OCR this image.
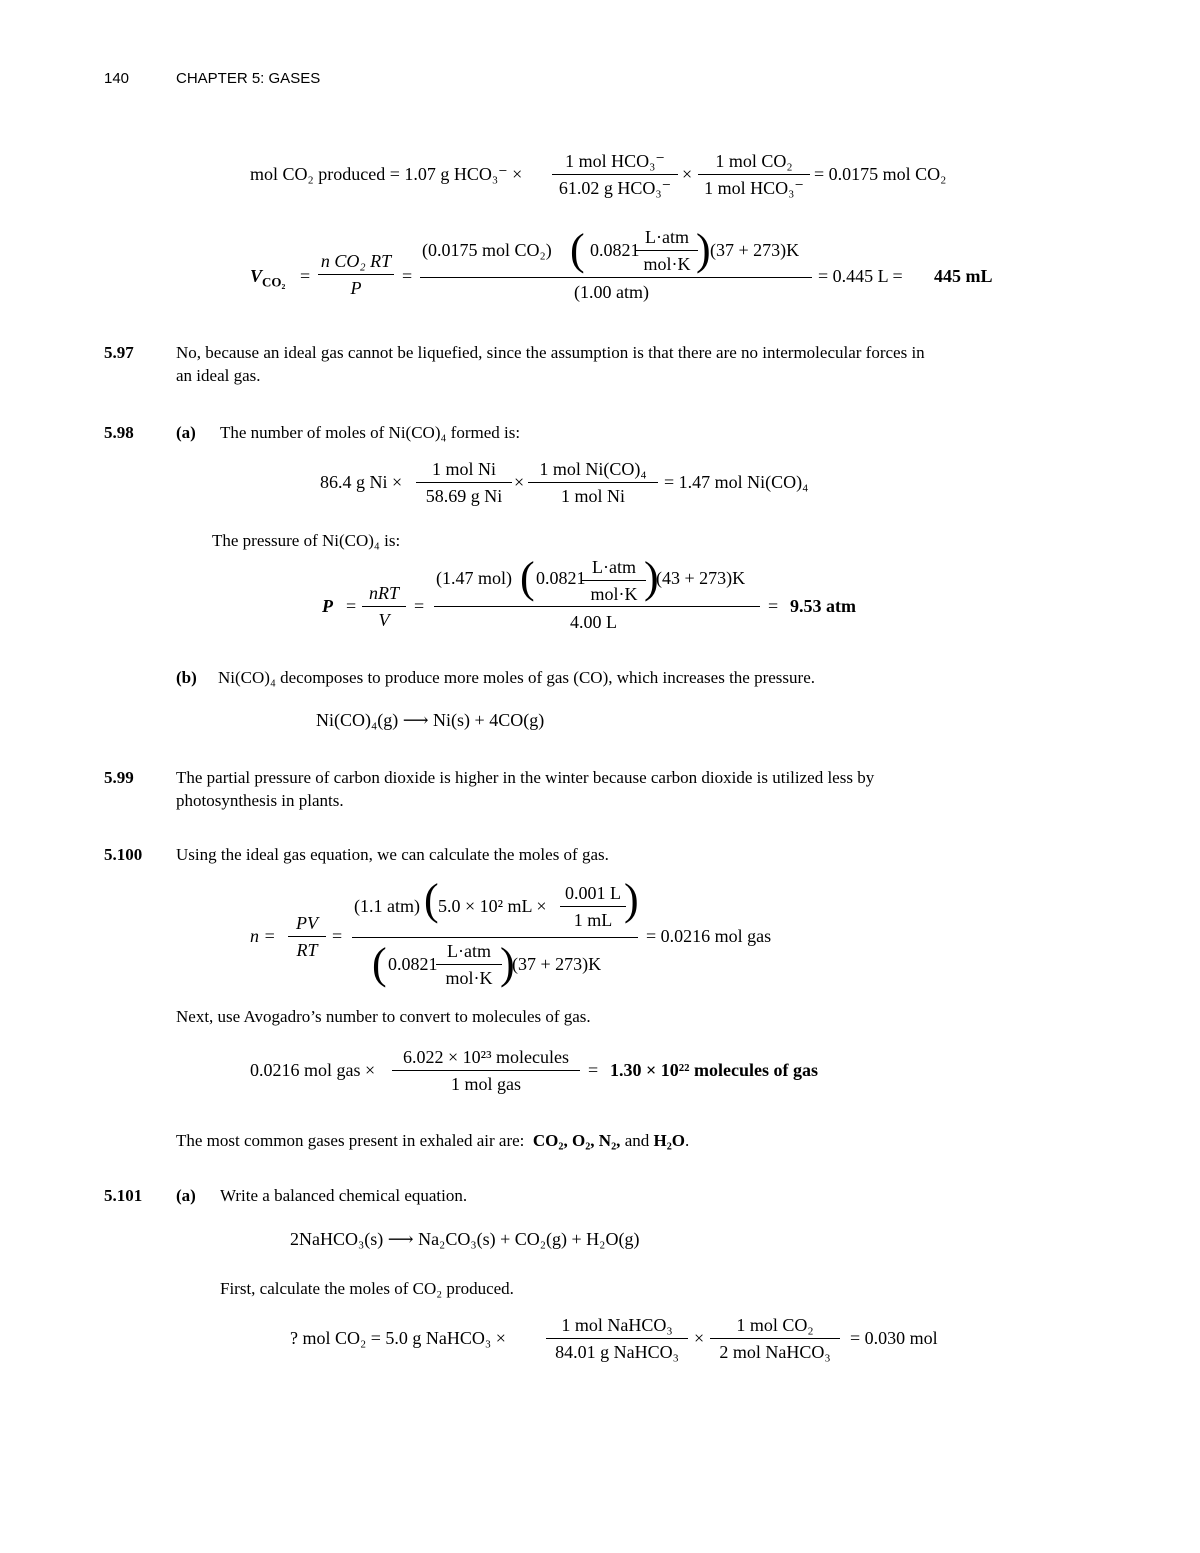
140	CHAPTER 5: GASES
mol CO₂ produced = 1.07 g HCO₃⁻ ×
1 mol HCO₃⁻
61.02 g HCO₃⁻
×
1 mol CO₂
1 mol HCO₃⁻
= 0.0175 mol CO₂
$V_{CO_2}$ =
n CO₂ RT
P
=
(0.0175 mol CO₂) ( 0.0821
L·atm
mol·K ) (37 + 273)K
(1.00 atm)
= 0.445 L = 445 mL
5.97 No, because an ideal gas cannot be liquefied, since the assumption is that there are no intermolecular forces in
an ideal gas.
5.98 (a) The number of moles of Ni(CO)₄ formed is:
86.4 g Ni ×
1 mol Ni
58.69 g Ni
×
1 mol Ni(CO)₄
1 mol Ni
= 1.47 mol Ni(CO)₄
The pressure of Ni(CO)₄ is:
P =
nRT
V
=
(1.47 mol) ( 0.0821
L·atm
mol·K )
(43 + 273)K
4.00 L
= 9.53 atm
(b) Ni(CO)₄ decomposes to produce more moles of gas (CO), which increases the pressure.
Ni(CO)₄(g) ⟶ Ni(s) + 4CO(g)
5.99 The partial pressure of carbon dioxide is higher in the winter because carbon dioxide is utilized less by
photosynthesis in plants.
5.100 Using the ideal gas equation, we can calculate the moles of gas.
n =
PV
RT
=
(1.1 atm) ( 5.0 × 10² mL ×
0.001 L
1 mL )
( 0.0821
L·atm
mol·K )
(37 + 273)K
= 0.0216 mol gas
Next, use Avogadro’s number to convert to molecules of gas.
0.0216 mol gas ×
6.022 × 10²³ molecules
1 mol gas
= 1.30 × 10²² molecules of gas
The most common gases present in exhaled air are: CO₂, O₂, N₂, and H₂O.
5.101 (a) Write a balanced chemical equation.
2NaHCO₃(s) ⟶ Na₂CO₃(s) + CO₂(g) + H₂O(g)
First, calculate the moles of CO₂ produced.
? mol CO₂ = 5.0 g NaHCO₃ ×
1 mol NaHCO₃
84.01 g NaHCO₃
×
1 mol CO₂
2 mol NaHCO₃
= 0.030 mol
